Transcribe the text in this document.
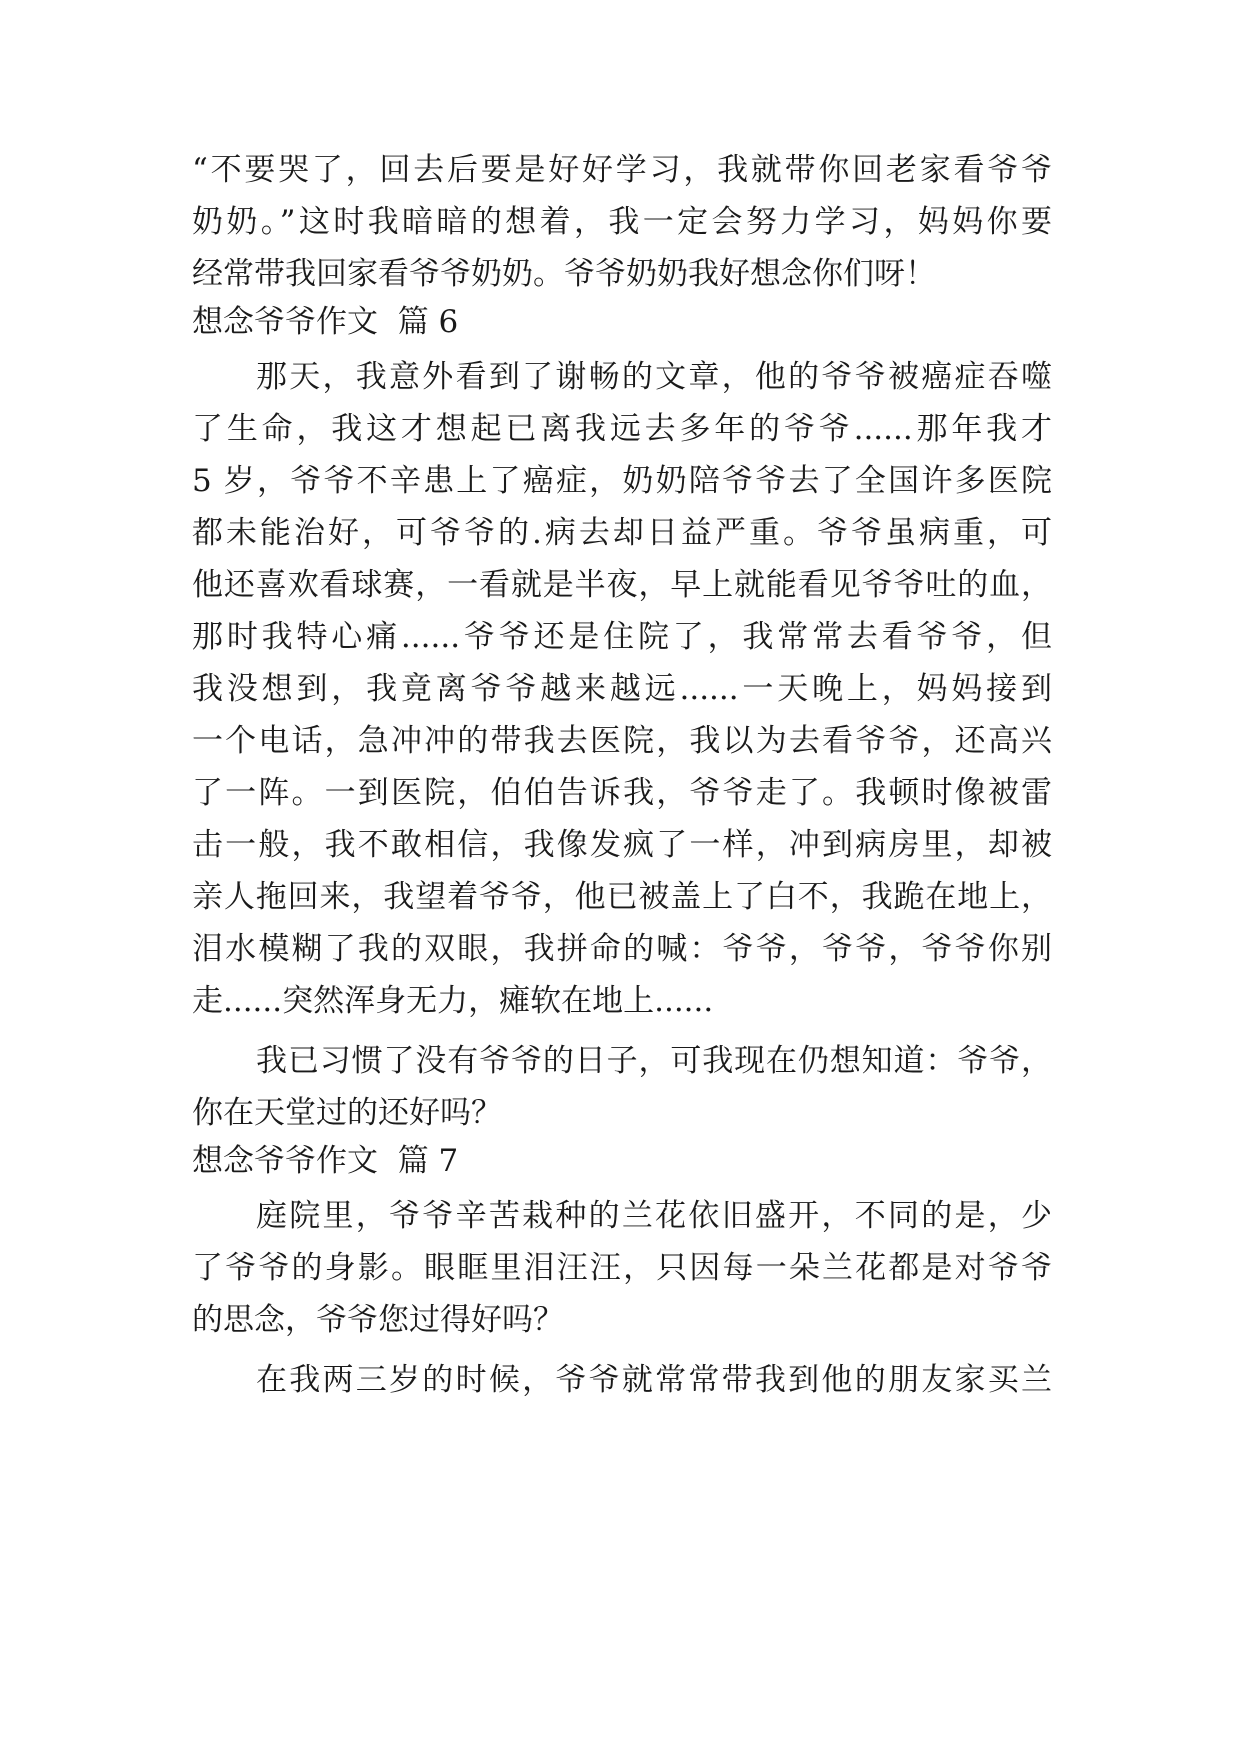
“不要哭了，回去后要是好好学习，我就带你回老家看爷爷
奶奶。”这时我暗暗的想着，我一定会努力学习，妈妈你要
经常带我回家看爷爷奶奶。爷爷奶奶我好想念你们呀！
想念爷爷作文  篇 6
那天，我意外看到了谢畅的文章，他的爷爷被癌症吞噬
了生命，我这才想起已离我远去多年的爷爷......那年我才
5 岁，爷爷不辛患上了癌症，奶奶陪爷爷去了全国许多医院
都未能治好，可爷爷的.病去却日益严重。爷爷虽病重，可
他还喜欢看球赛，一看就是半夜，早上就能看见爷爷吐的血，
那时我特心痛......爷爷还是住院了，我常常去看爷爷，但
我没想到，我竟离爷爷越来越远......一天晚上，妈妈接到
一个电话，急冲冲的带我去医院，我以为去看爷爷，还高兴
了一阵。一到医院，伯伯告诉我，爷爷走了。我顿时像被雷
击一般，我不敢相信，我像发疯了一样，冲到病房里，却被
亲人拖回来，我望着爷爷，他已被盖上了白不，我跪在地上，
泪水模糊了我的双眼，我拼命的喊：爷爷，爷爷，爷爷你别
走......突然浑身无力，瘫软在地上......
我已习惯了没有爷爷的日子，可我现在仍想知道：爷爷，
你在天堂过的还好吗？
想念爷爷作文  篇 7
庭院里，爷爷辛苦栽种的兰花依旧盛开，不同的是，少
了爷爷的身影。眼眶里泪汪汪，只因每一朵兰花都是对爷爷
的思念，爷爷您过得好吗？
在我两三岁的时候，爷爷就常常带我到他的朋友家买兰
